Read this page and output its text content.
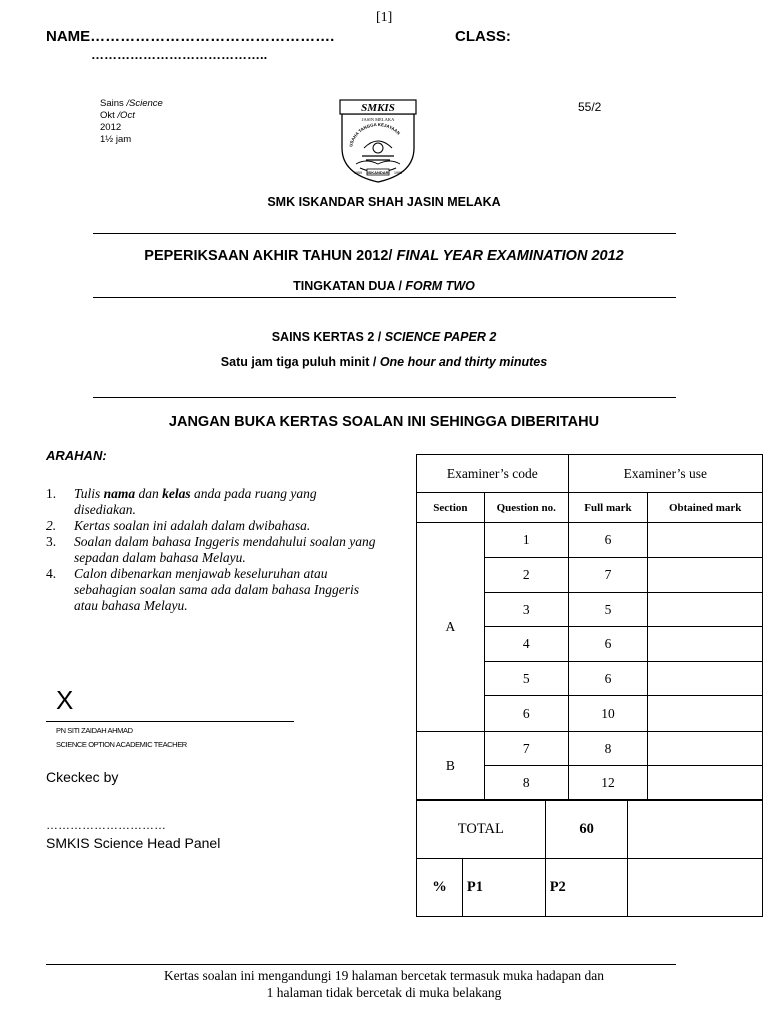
[1]
NAME………………………………………….
…………………………………..
CLASS:
Sains /Science
Okt /Oct
2012
1½ jam
55/2
SMKIS
JASIN MELAKA
USAHA TANGGA KEJAYAAN
ISKANDAR
1959	1986
SMK ISKANDAR SHAH JASIN MELAKA
PEPERIKSAAN AKHIR TAHUN 2012/ FINAL YEAR EXAMINATION 2012
TINGKATAN DUA / FORM TWO
SAINS KERTAS 2 / SCIENCE PAPER 2
Satu jam tiga puluh minit / One hour and thirty minutes
JANGAN BUKA KERTAS SOALAN INI SEHINGGA DIBERITAHU
ARAHAN:
1. Tulis nama dan kelas anda pada ruang yang disediakan.
2. Kertas soalan ini adalah dalam dwibahasa.
3. Soalan dalam bahasa Inggeris mendahului soalan yang sepadan dalam bahasa Melayu.
4. Calon dibenarkan menjawab keseluruhan atau sebahagian soalan sama ada dalam bahasa Inggeris atau bahasa Melayu.
X
PN SITI ZAIDAH AHMAD
SCIENCE OPTION ACADEMIC TEACHER
Ckeckec by
…………………………
SMKIS Science Head Panel
Examiner’s code		Examiner’s use	
Section	Question no.	Full mark	Obtained mark
A	1	6	
	2	7	
	3	5	
	4	6	
	5	6	
	6	10	
B	7	8	
	8	12	
TOTAL		60	
%	P1	P2	
Kertas soalan ini mengandungi 19 halaman bercetak termasuk muka hadapan dan
1 halaman tidak bercetak di muka belakang
